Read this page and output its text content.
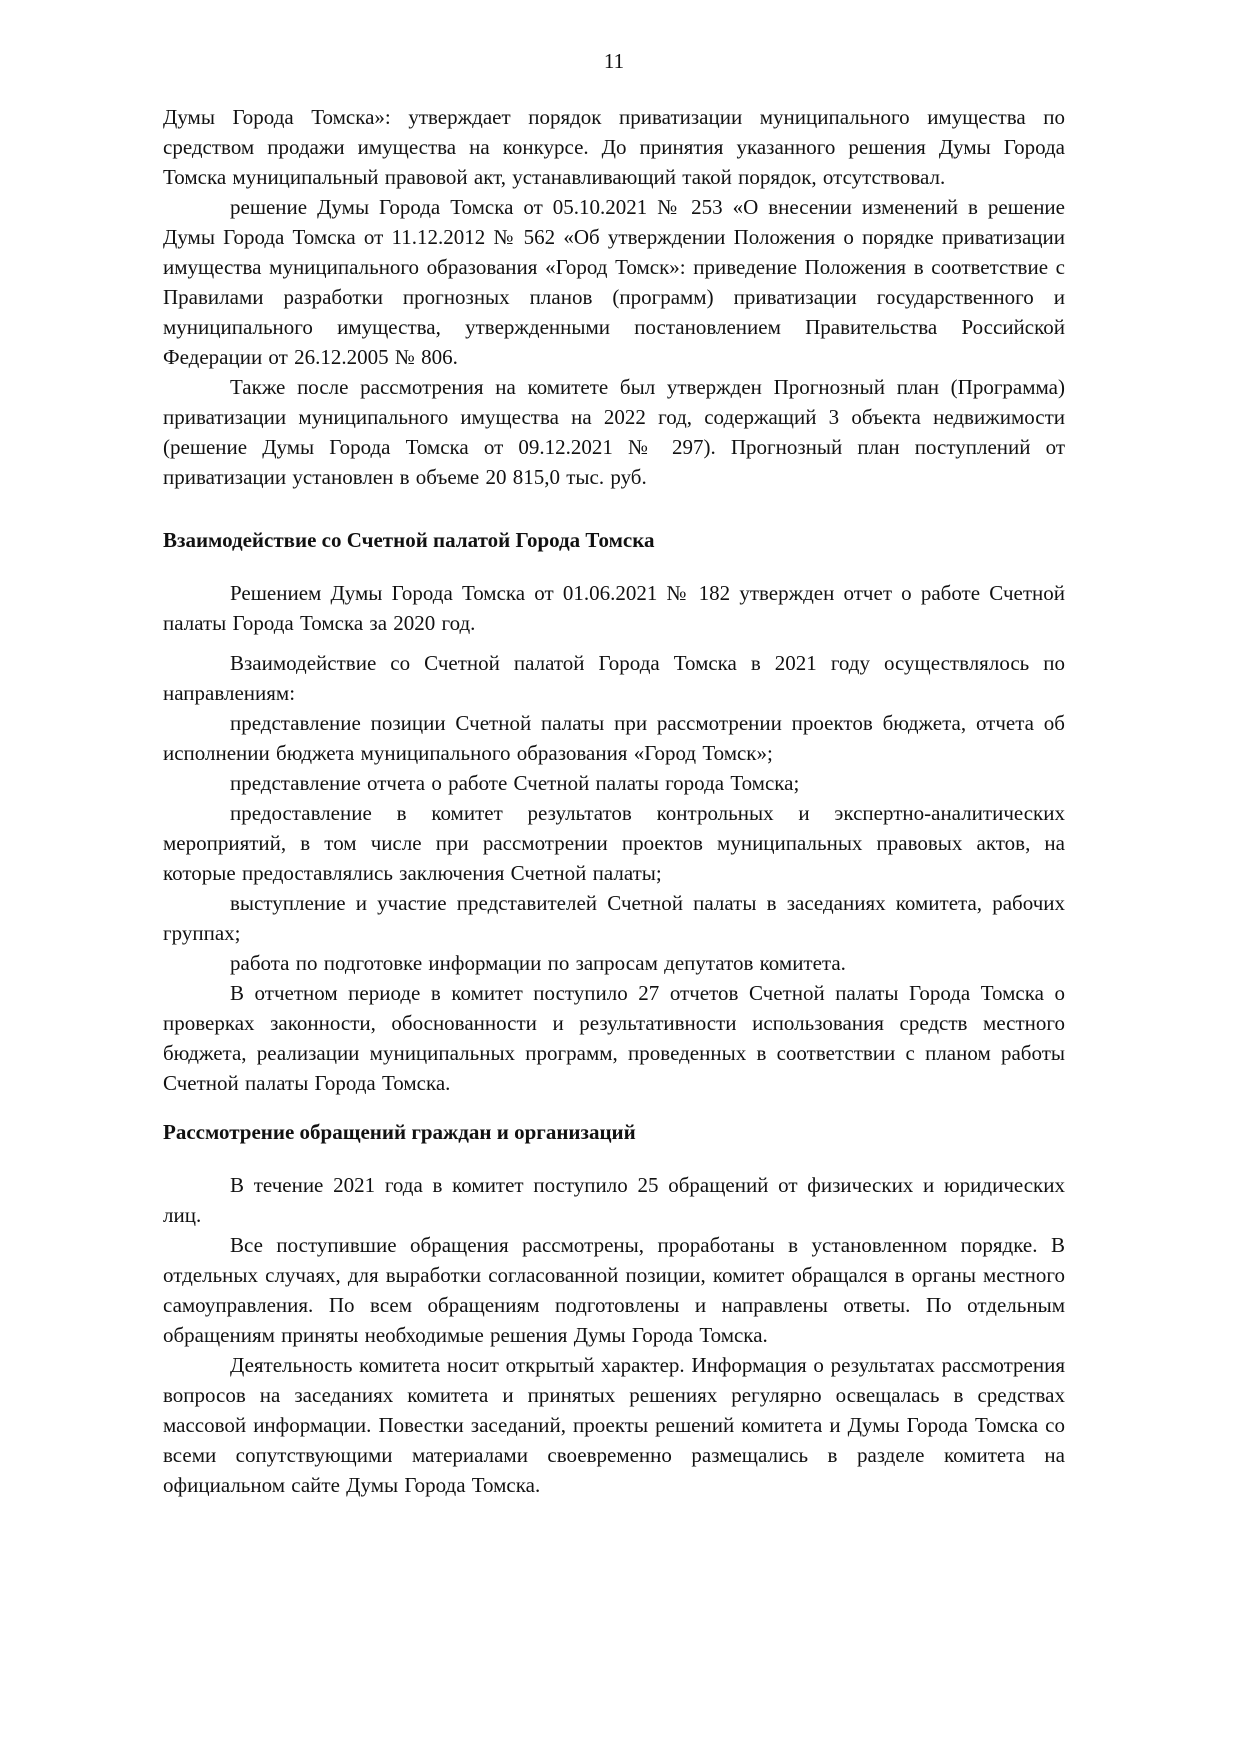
11

Думы Города Томска»: утверждает порядок приватизации муниципального имущества по средством продажи имущества на конкурсе. До принятия указанного решения Думы Города Томска муниципальный правовой акт, устанавливающий такой порядок, отсутствовал.

решение Думы Города Томска от 05.10.2021 № 253 «О внесении изменений в решение Думы Города Томска от 11.12.2012 № 562 «Об утверждении Положения о порядке приватизации имущества муниципального образования «Город Томск»: приведение Положения в соответствие с Правилами разработки прогнозных планов (программ) приватизации государственного и муниципального имущества, утвержденными постановлением Правительства Российской Федерации от 26.12.2005 № 806.

Также после рассмотрения на комитете был утвержден Прогнозный план (Программа) приватизации муниципального имущества на 2022 год, содержащий 3 объекта недвижимости (решение Думы Города Томска от 09.12.2021 № 297). Прогнозный план поступлений от приватизации установлен в объеме 20 815,0 тыс. руб.

Взаимодействие со Счетной палатой Города Томска

Решением Думы Города Томска от 01.06.2021 № 182 утвержден отчет о работе Счетной палаты Города Томска за 2020 год.

Взаимодействие со Счетной палатой Города Томска в 2021 году осуществлялось по направлениям:

представление позиции Счетной палаты при рассмотрении проектов бюджета, отчета об исполнении бюджета муниципального образования «Город Томск»;

представление отчета о работе Счетной палаты города Томска;

предоставление в комитет результатов контрольных и экспертно-аналитических мероприятий, в том числе при рассмотрении проектов муниципальных правовых актов, на которые предоставлялись заключения Счетной палаты;

выступление и участие представителей Счетной палаты в заседаниях комитета, рабочих группах;

работа по подготовке информации по запросам депутатов комитета.

В отчетном периоде в комитет поступило 27 отчетов Счетной палаты Города Томска о проверках законности, обоснованности и результативности использования средств местного бюджета, реализации муниципальных программ, проведенных в соответствии с планом работы Счетной палаты Города Томска.

Рассмотрение обращений граждан и организаций

В течение 2021 года в комитет поступило 25 обращений от физических и юридических лиц.

Все поступившие обращения рассмотрены, проработаны в установленном порядке. В отдельных случаях, для выработки согласованной позиции, комитет обращался в органы местного самоуправления. По всем обращениям подготовлены и направлены ответы. По отдельным обращениям приняты необходимые решения Думы Города Томска.

Деятельность комитета носит открытый характер. Информация о результатах рассмотрения вопросов на заседаниях комитета и принятых решениях регулярно освещалась в средствах массовой информации. Повестки заседаний, проекты решений комитета и Думы Города Томска со всеми сопутствующими материалами своевременно размещались в разделе комитета на официальном сайте Думы Города Томска.
